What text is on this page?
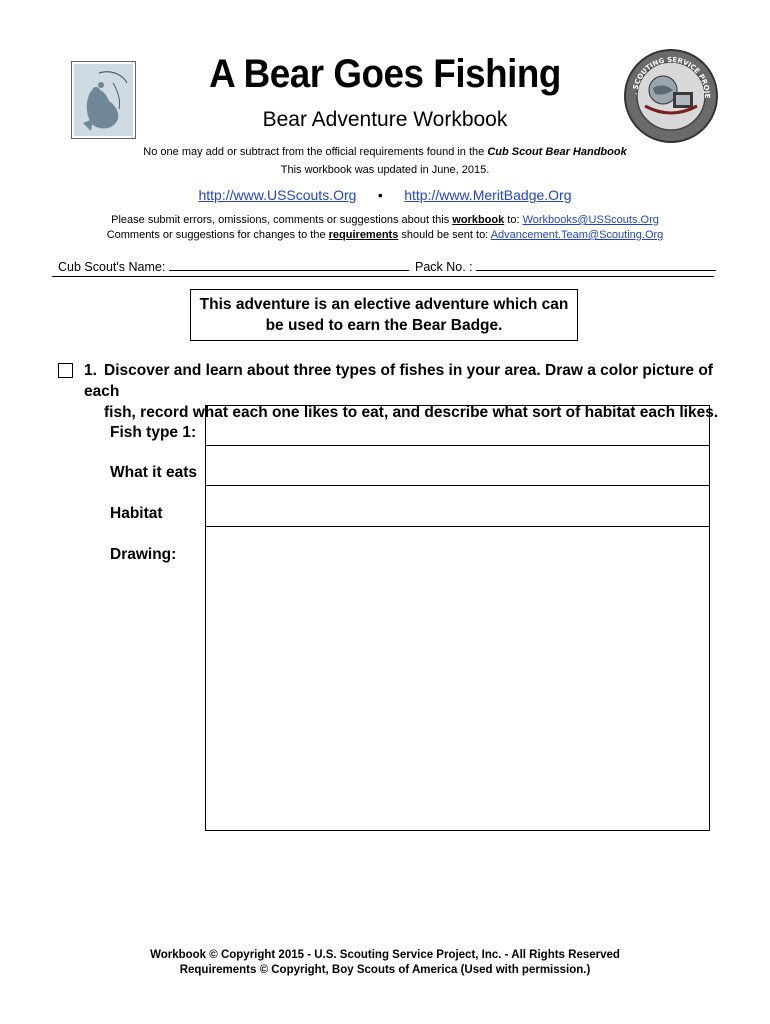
. SCOUTING SERVICE PROJE
A Bear Goes Fishing
Bear Adventure Workbook
No one may add or subtract from the official requirements found in the Cub Scout Bear Handbook
This workbook was updated in June, 2015.
http://www.USScouts.Org • http://www.MeritBadge.Org
Please submit errors, omissions, comments or suggestions about this workbook to: Workbooks@USScouts.Org
Comments or suggestions for changes to the requirements should be sent to: Advancement.Team@Scouting.Org
Cub Scout's Name:	Pack No. :
This adventure is an elective adventure which can be used to earn the Bear Badge.
1. Discover and learn about three types of fishes in your area. Draw a color picture of each
fish, record what each one likes to eat, and describe what sort of habitat each likes.
Fish type 1:
What it eats
Habitat
Drawing:
Workbook © Copyright 2015 - U.S. Scouting Service Project, Inc. - All Rights Reserved
Requirements © Copyright, Boy Scouts of America (Used with permission.)
